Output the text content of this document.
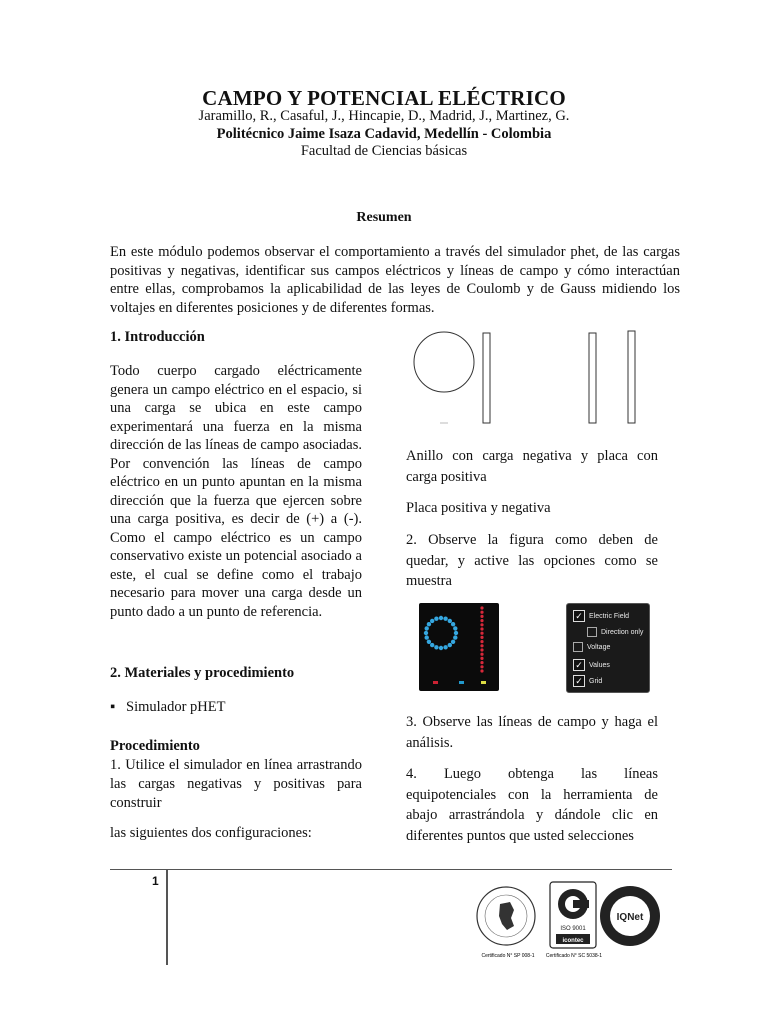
CAMPO Y POTENCIAL ELÉCTRICO
Jaramillo, R., Casaful, J., Hincapie, D., Madrid, J., Martinez, G.
Politécnico Jaime Isaza Cadavid, Medellín - Colombia
Facultad de Ciencias básicas
Resumen
En este módulo podemos observar el comportamiento a través del simulador phet, de las cargas positivas y negativas, identificar sus campos eléctricos y líneas de campo y cómo interactúan entre ellas, comprobamos la aplicabilidad de las leyes de Coulomb y de Gauss midiendo los voltajes en diferentes posiciones y de diferentes formas.
1. Introducción
Todo cuerpo cargado eléctricamente genera un campo eléctrico en el espacio, si una carga se ubica en este campo experimentará una fuerza en la misma dirección de las líneas de campo asociadas. Por convención las líneas de campo eléctrico en un punto apuntan en la misma dirección que la fuerza que ejercen sobre una carga positiva, es decir de (+) a (-). Como el campo eléctrico es un campo conservativo existe un potencial asociado a este, el cual se define como el trabajo necesario para mover una carga desde un punto dado a un punto de referencia.
2. Materiales y procedimiento
▪ Simulador pHET
Procedimiento
1. Utilice el simulador en línea arrastrando las cargas negativas y positivas para construir
las siguientes dos configuraciones:
Anillo con carga negativa y placa con carga positiva
Placa positiva y negativa
2. Observe la figura como deben de quedar, y active las opciones como se muestra
✓ Electric Field
Direction only
Voltage
✓ Values
✓ Grid
3. Observe las líneas de campo y haga el análisis.
4. Luego obtenga las líneas equipotenciales con la herramienta de abajo arrastrándola y dándole clic en diferentes puntos que usted selecciones
1
ISO 9001
icontec
IQNet
Certificado N° SP 008-1 Certificado N° SC 5038-1
